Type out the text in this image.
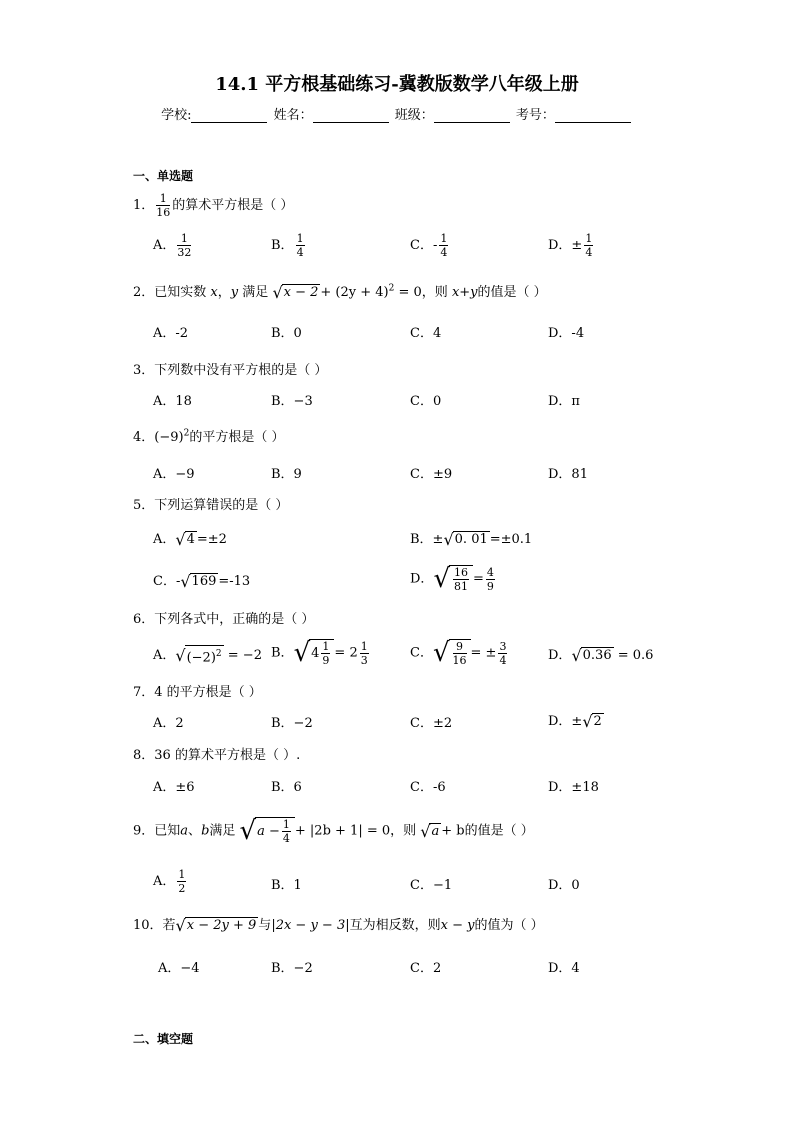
14.1 平方根基础练习-冀教版数学八年级上册
学校:	姓名：	班级：	考号：
一、单选题
1． $\frac{1}{16}$ 的算术平方根是（ ）
A． $\frac{1}{32}$	B． $\frac{1}{4}$	C．- $\frac{1}{4}$	D．± $\frac{1}{4}$
2．已知实数 x，y 满足 √ $x - 2 + (2y + 4)^2 = 0$，则 x+y的值是（ ）
A．-2	B．0	C．4	D．-4
3．下列数中没有平方根的是（ ）
A．18	B．−3	C．0	D．π
4．$(-9)^2$的平方根是（ ）
A．−9	B．9	C．±9	D．81
5．下列运算错误的是（ ）
A． √ 4 =±2	B．± √ 0. 01 =±0.1
C．- √ 169 =-13	D． √ $\frac{16}{81} = \frac{4}{9}$
6．下列各式中，正确的是（ ）
A． √ $(-2)^2 = -2$ B． √ $4 \frac{1}{9} = 2 \frac{1}{3}$	C． √ $\frac{9}{16}$ = ± $\frac{3}{4}$	D． √ 0.36 = 0.6
7．4 的平方根是（ ）
A．2	B．−2	C．±2	D．± √ 2
8．36 的算术平方根是（ ）.
A．±6	B．6	C．-6	D．±18
9．已知a、b满足 √ $a - \frac{1}{4} + |2b + 1| = 0$，则 √ a + b的值是（ ）
A． $\frac{1}{2}$	B．1	C．−1	D．0
10．若 √ x − 2y + 9 与|2x − y − 3|互为相反数，则x − y的值为（ ）
A．−4	B．−2	C．2	D．4
二、填空题
